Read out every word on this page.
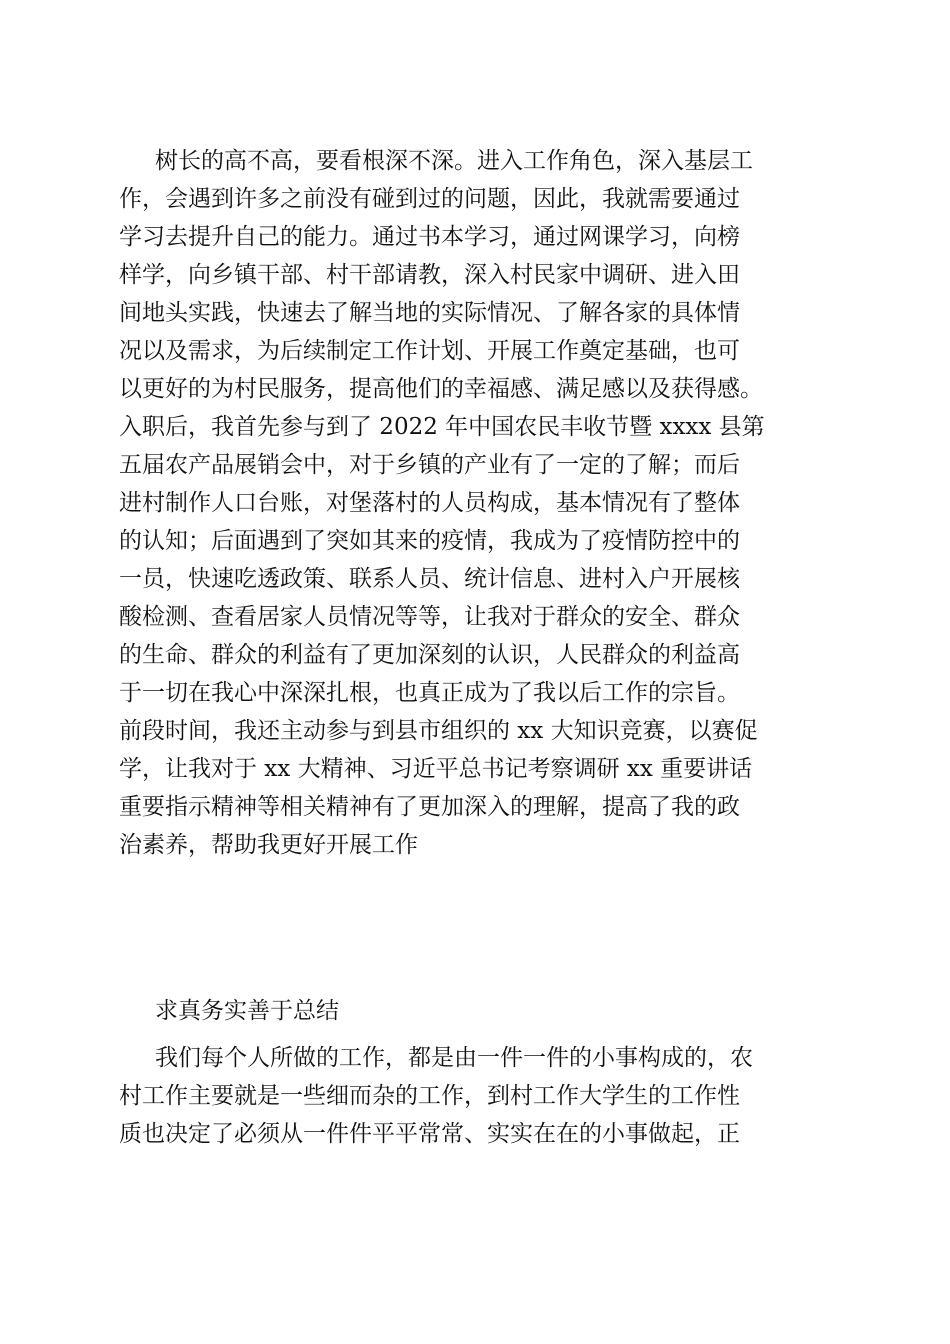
树长的高不高，要看根深不深。进入工作角色，深入基层工
作，会遇到许多之前没有碰到过的问题，因此，我就需要通过
学习去提升自己的能力。通过书本学习，通过网课学习，向榜
样学，向乡镇干部、村干部请教，深入村民家中调研、进入田
间地头实践，快速去了解当地的实际情况、了解各家的具体情
况以及需求，为后续制定工作计划、开展工作奠定基础，也可
以更好的为村民服务，提高他们的幸福感、满足感以及获得感。
入职后，我首先参与到了 2022 年中国农民丰收节暨 xxxx 县第
五届农产品展销会中，对于乡镇的产业有了一定的了解；而后
进村制作人口台账，对堡落村的人员构成，基本情况有了整体
的认知；后面遇到了突如其来的疫情，我成为了疫情防控中的
一员，快速吃透政策、联系人员、统计信息、进村入户开展核
酸检测、查看居家人员情况等等，让我对于群众的安全、群众
的生命、群众的利益有了更加深刻的认识，人民群众的利益高
于一切在我心中深深扎根，也真正成为了我以后工作的宗旨。
前段时间，我还主动参与到县市组织的 xx 大知识竞赛，以赛促
学，让我对于 xx 大精神、习近平总书记考察调研 xx 重要讲话
重要指示精神等相关精神有了更加深入的理解，提高了我的政
治素养，帮助我更好开展工作
求真务实善于总结
我们每个人所做的工作，都是由一件一件的小事构成的，农
村工作主要就是一些细而杂的工作，到村工作大学生的工作性
质也决定了必须从一件件平平常常、实实在在的小事做起，正
